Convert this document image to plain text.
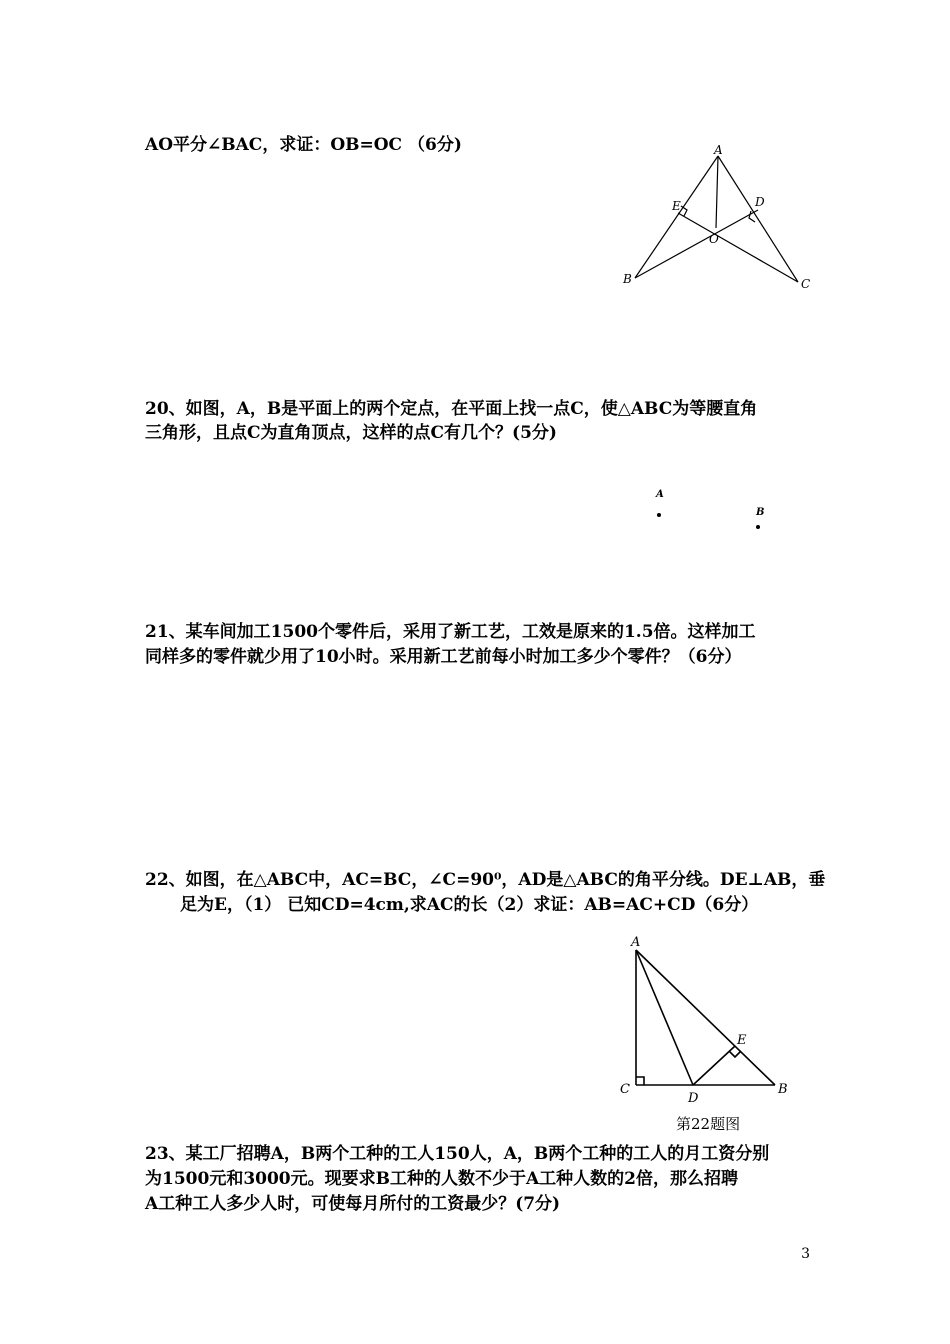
AO平分∠BAC，求证：OB=OC （6分)	A
B	C
D
E
O
20、如图，A，B是平面上的两个定点，在平面上找一点C，使△ABC为等腰直角
三角形，且点C为直角顶点，这样的点C有几个？(5分)
A
B
21、某车间加工1500个零件后，采用了新工艺，工效是原来的1.5倍。这样加工
同样多的零件就少用了10小时。采用新工艺前每小时加工多少个零件？（6分）
22、如图，在△ABC中，AC=BC，∠C=90⁰，AD是△ABC的角平分线。DE⊥AB，垂
足为E，（1） 已知CD=4cm,求AC的长（2）求证：AB=AC+CD（6分）
A
B
C
D
E
第22题图
23、某工厂招聘A，B两个工种的工人150人，A，B两个工种的工人的月工资分别
为1500元和3000元。现要求B工种的人数不少于A工种人数的2倍，那么招聘
A工种工人多少人时，可使每月所付的工资最少？(7分)
3
